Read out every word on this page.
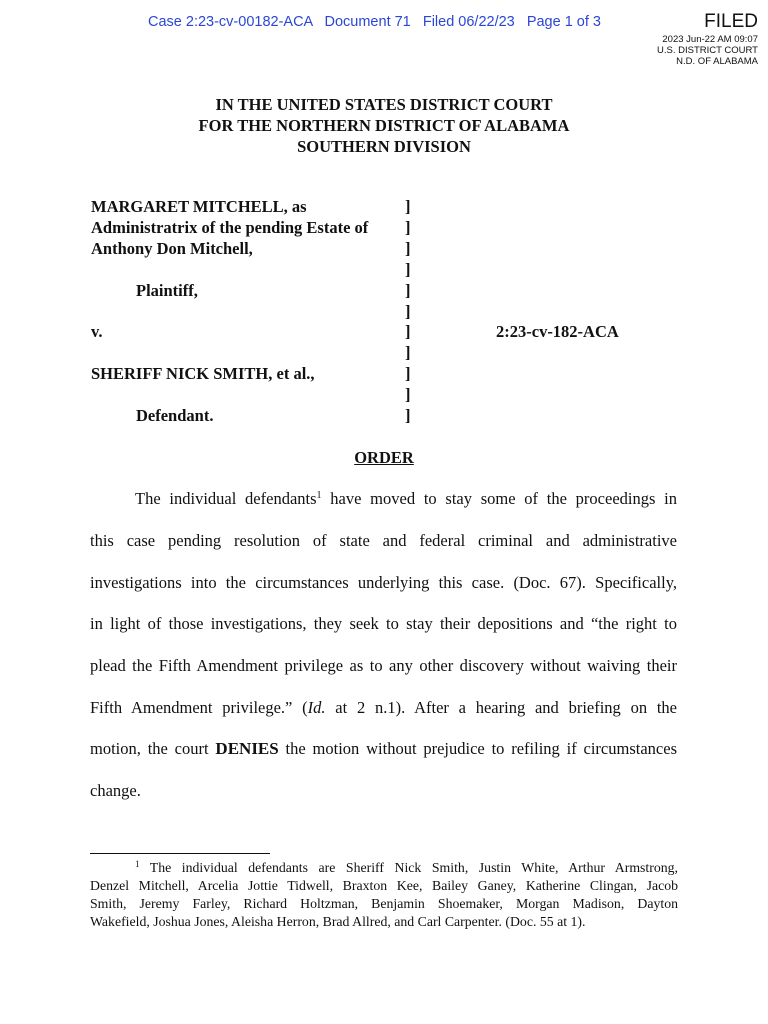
Case 2:23-cv-00182-ACA   Document 71   Filed 06/22/23   Page 1 of 3	FILED
2023 Jun-22 AM 09:07
U.S. DISTRICT COURT
N.D. OF ALABAMA
IN THE UNITED STATES DISTRICT COURT
FOR THE NORTHERN DISTRICT OF ALABAMA
SOUTHERN DIVISION
MARGARET MITCHELL, as
Administratrix of the pending Estate of
Anthony Don Mitchell,
Plaintiff,
v.
SHERIFF NICK SMITH, et al.,
Defendant.
]
]
]
]
]
]
]
]
]
]
]
2:23-cv-182-ACA
ORDER
The individual defendants$^1$ have moved to stay some of the proceedings in
this case pending resolution of state and federal criminal and administrative
investigations into the circumstances underlying this case. (Doc. 67). Specifically,
in light of those investigations, they seek to stay their depositions and “the right to
plead the Fifth Amendment privilege as to any other discovery without waiving their
Fifth Amendment privilege.” (Id. at 2 n.1). After a hearing and briefing on the
motion, the court DENIES the motion without prejudice to refiling if circumstances
change.
$^1$ The individual defendants are Sheriff Nick Smith, Justin White, Arthur Armstrong,
Denzel Mitchell, Arcelia Jottie Tidwell, Braxton Kee, Bailey Ganey, Katherine Clingan, Jacob
Smith, Jeremy Farley, Richard Holtzman, Benjamin Shoemaker, Morgan Madison, Dayton
Wakefield, Joshua Jones, Aleisha Herron, Brad Allred, and Carl Carpenter. (Doc. 55 at 1).
